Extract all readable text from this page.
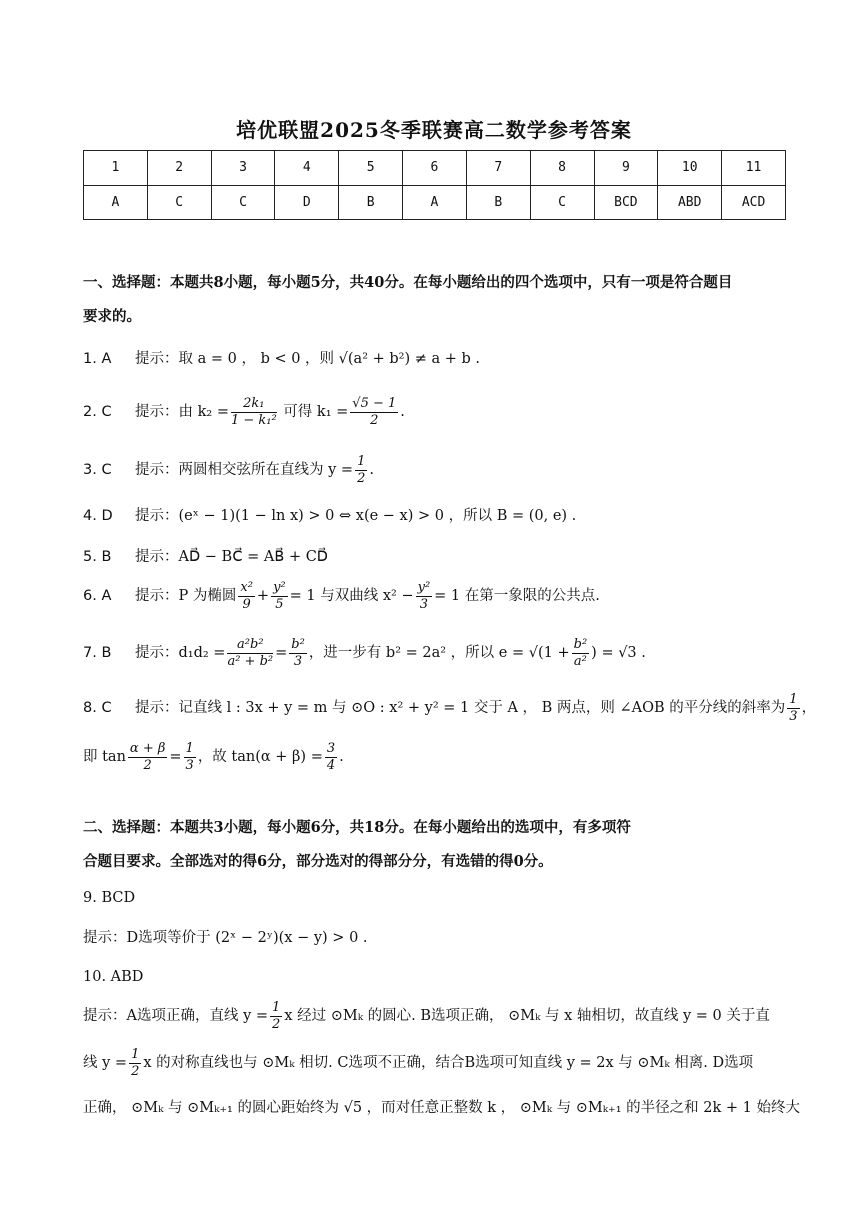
培优联盟2025冬季联赛高二数学参考答案
1	2	3	4	5	6	7	8	9	10	11
A	C	C	D	B	A	B	C	BCD	ABD	ACD
一、选择题：本题共8小题，每小题5分，共40分。在每小题给出的四个选项中，只有一项是符合题目
要求的。
1. A 提示：取 a = 0 ， b < 0 ，则 √(a² + b²) ≠ a + b .
2. C 提示：由 $k_2 = \frac{\text{2k₁}}{\text{1 − k₁²}}$ 可得 $k_1 = \frac{√5 - 1}{2}$ .
3. C 提示：两圆相交弦所在直线为 $y = \frac{1}{2}$ .
4. D 提示：(eˣ − 1)(1 − ln x) > 0 ⇔ x(e − x) > 0 ，所以 B = (0, e) .
5. B 提示：AD⃗ − BC⃗ = AB⃗ + CD⃗
6. A 提示：P 为椭圆 $\frac{\text{x²}}{9} + \frac{\text{y²}}{5} = 1$ 与双曲线 $x^2 - \frac{\text{y²}}{3} = 1$ 在第一象限的公共点.
7. B 提示：$d_1d_2 = \frac{\text{a²b²}}{\text{a² + b²}} = \frac{\text{b²}}{3}$ ，进一步有 b² = 2a² ，所以 $e = √(1 + \frac{\text{b²}}{\text{a²}}$ ) = √3 .
8. C 提示：记直线 l : 3x + y = m 与 ⊙O : x² + y² = 1 交于 A ， B 两点，则 ∠AOB 的平分线的斜率为 $\frac{1}{3}$ ，
即 $\tan \frac{\alpha + \beta}{2} = \frac{1}{3}$ ，故 $\tan(\alpha + \beta) = \frac{3}{4}$ .
二、选择题：本题共3小题，每小题6分，共18分。在每小题给出的选项中，有多项符
合题目要求。全部选对的得6分，部分选对的得部分分，有选错的得0分。
9. BCD
提示：D选项等价于 (2ˣ − 2ʸ)(x − y) > 0 .
10. ABD
提示：A选项正确，直线 $y = \frac{1}{2}$ x 经过 ⊙Mₖ 的圆心. B选项正确， ⊙Mₖ 与 x 轴相切，故直线 y = 0 关于直
线 $y = \frac{1}{2}$ x 的对称直线也与 ⊙Mₖ 相切. C选项不正确，结合B选项可知直线 y = 2x 与 ⊙Mₖ 相离. D选项
正确， ⊙Mₖ 与 ⊙Mₖ₊₁ 的圆心距始终为 √5 ，而对任意正整数 k ， ⊙Mₖ 与 ⊙Mₖ₊₁ 的半径之和 2k + 1 始终大
